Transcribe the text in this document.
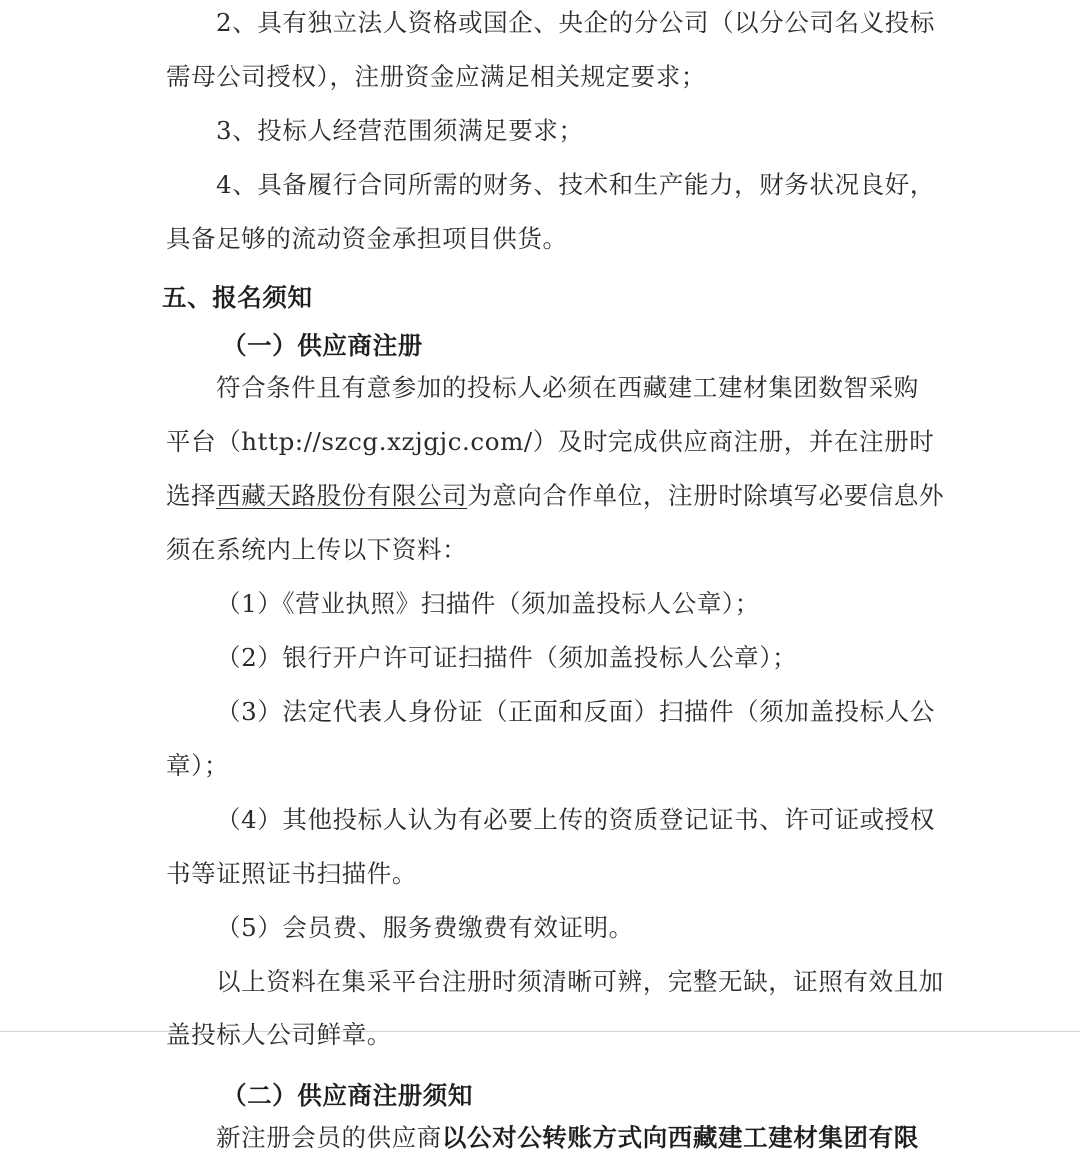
2、具有独立法人资格或国企、央企的分公司（以分公司名义投标
需母公司授权），注册资金应满足相关规定要求；
3、投标人经营范围须满足要求；
4、具备履行合同所需的财务、技术和生产能力，财务状况良好，
具备足够的流动资金承担项目供货。
五、报名须知
（一）供应商注册
符合条件且有意参加的投标人必须在西藏建工建材集团数智采购
平台（http://szcg.xzjgjc.com/）及时完成供应商注册，并在注册时
选择西藏天路股份有限公司为意向合作单位，注册时除填写必要信息外
须在系统内上传以下资料：
（1）《营业执照》扫描件（须加盖投标人公章）；
（2）银行开户许可证扫描件（须加盖投标人公章）；
（3）法定代表人身份证（正面和反面）扫描件（须加盖投标人公
章）；
（4）其他投标人认为有必要上传的资质登记证书、许可证或授权
书等证照证书扫描件。
（5）会员费、服务费缴费有效证明。
以上资料在集采平台注册时须清晰可辨，完整无缺，证照有效且加
盖投标人公司鲜章。
（二）供应商注册须知
新注册会员的供应商以公对公转账方式向西藏建工建材集团有限
